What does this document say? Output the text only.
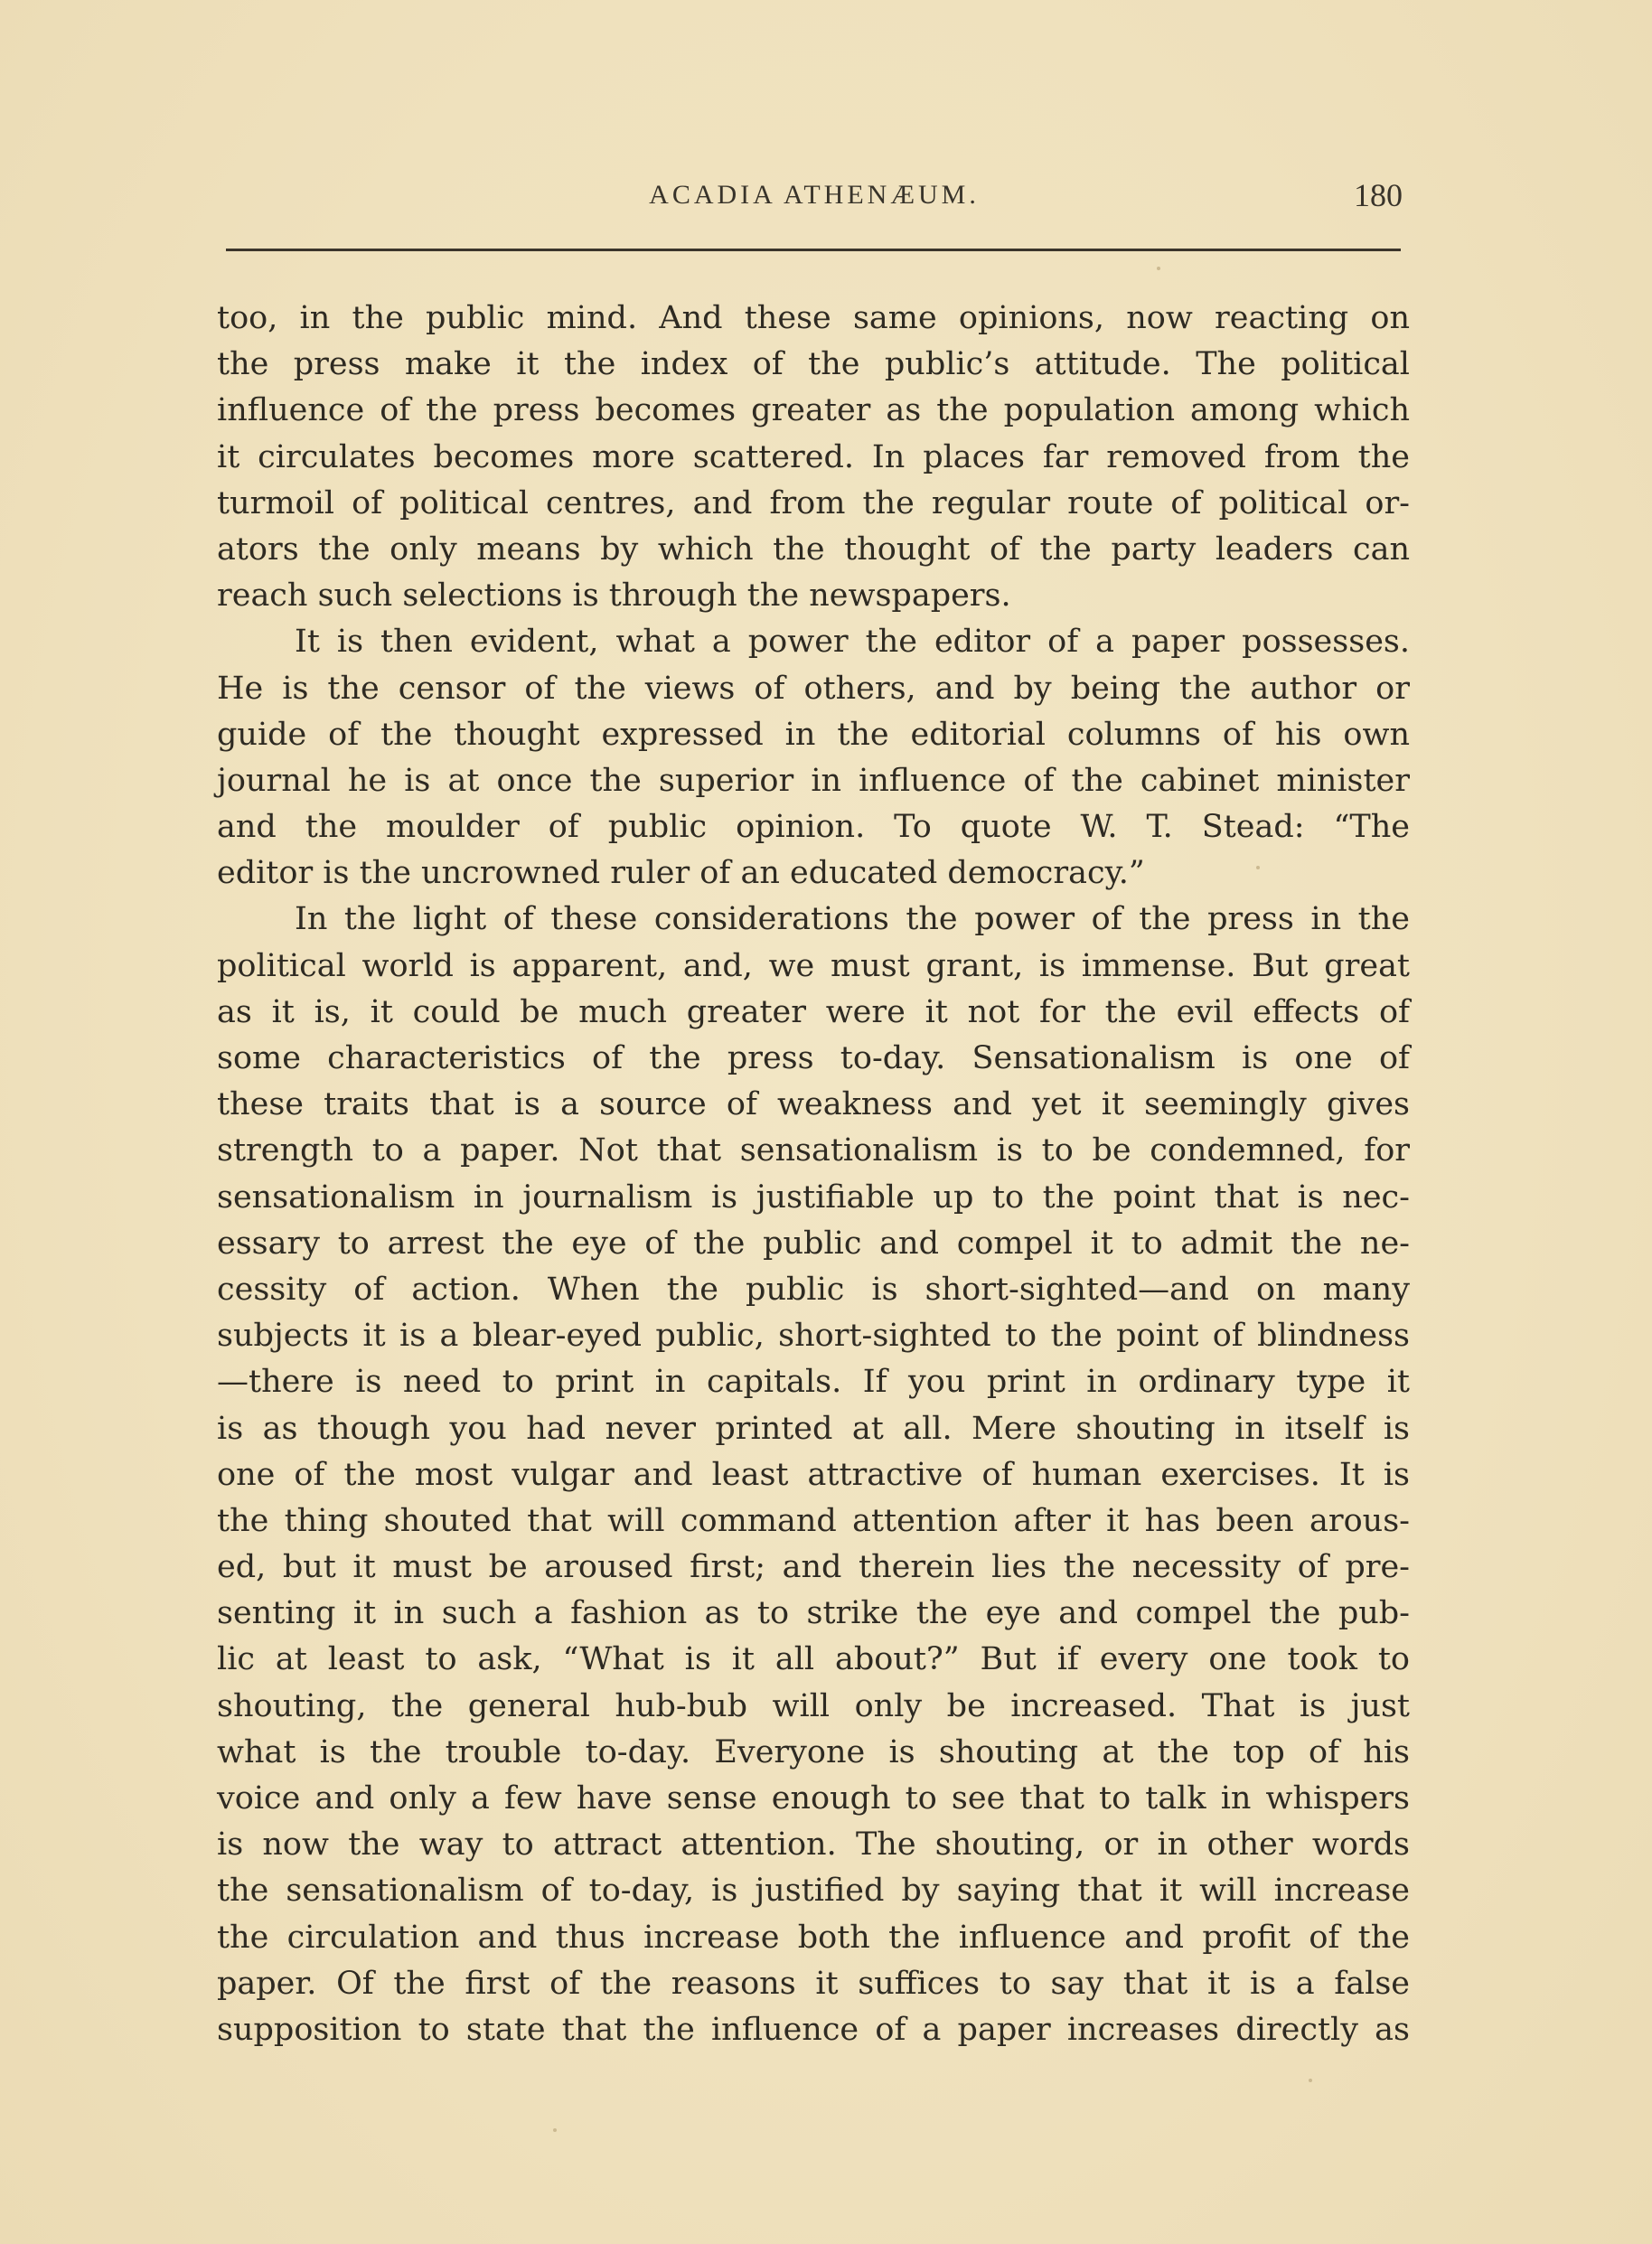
ACADIA ATHENÆUM.	180
too, in the public mind. And these same opinions, now reacting on
the press make it the index of the public’s attitude. The political
influence of the press becomes greater as the population among which
it circulates becomes more scattered. In places far removed from the
turmoil of political centres, and from the regular route of political or-
ators the only means by which the thought of the party leaders can
reach such selections is through the newspapers.
It is then evident, what a power the editor of a paper possesses.
He is the censor of the views of others, and by being the author or
guide of the thought expressed in the editorial columns of his own
journal he is at once the superior in influence of the cabinet minister
and the moulder of public opinion. To quote W. T. Stead: “The
editor is the uncrowned ruler of an educated democracy.”
In the light of these considerations the power of the press in the
political world is apparent, and, we must grant, is immense. But great
as it is, it could be much greater were it not for the evil effects of
some characteristics of the press to-day. Sensationalism is one of
these traits that is a source of weakness and yet it seemingly gives
strength to a paper. Not that sensationalism is to be condemned, for
sensationalism in journalism is justifiable up to the point that is nec-
essary to arrest the eye of the public and compel it to admit the ne-
cessity of action. When the public is short-sighted—and on many
subjects it is a blear-eyed public, short-sighted to the point of blindness
—there is need to print in capitals. If you print in ordinary type it
is as though you had never printed at all. Mere shouting in itself is
one of the most vulgar and least attractive of human exercises. It is
the thing shouted that will command attention after it has been arous-
ed, but it must be aroused first; and therein lies the necessity of pre-
senting it in such a fashion as to strike the eye and compel the pub-
lic at least to ask, “What is it all about?” But if every one took to
shouting, the general hub-bub will only be increased. That is just
what is the trouble to-day. Everyone is shouting at the top of his
voice and only a few have sense enough to see that to talk in whispers
is now the way to attract attention. The shouting, or in other words
the sensationalism of to-day, is justified by saying that it will increase
the circulation and thus increase both the influence and profit of the
paper. Of the first of the reasons it suffices to say that it is a false
supposition to state that the influence of a paper increases directly as
